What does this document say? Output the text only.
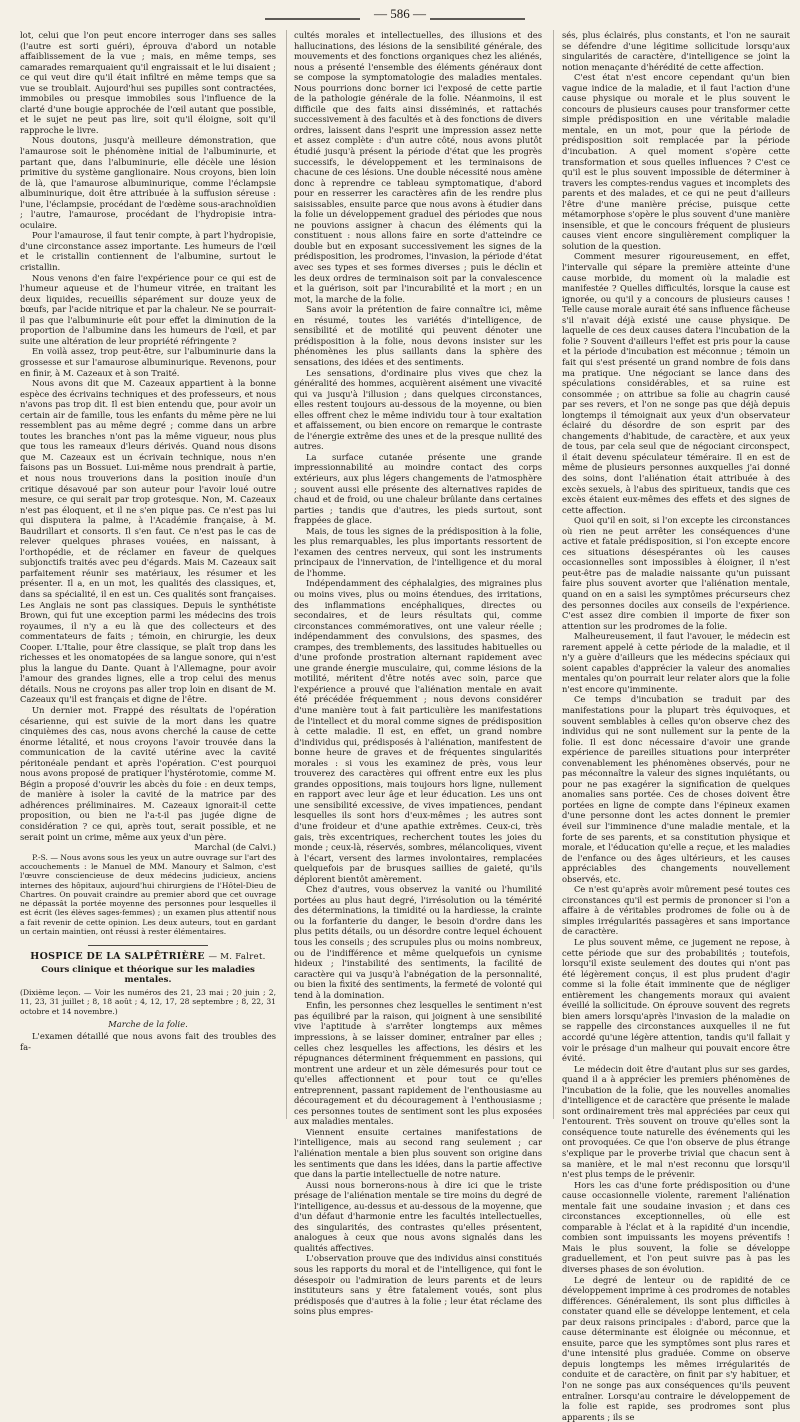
— 586 —

lot, celui que l'on peut encore interroger dans ses salles (l'autre est sorti guéri), éprouva d'abord un notable affaiblissement de la vue ; mais, en même temps, ses camarades remarquaient qu'il engraissait et le lui disaient ; ce qui veut dire qu'il était infiltré en même temps que sa vue se troublait. Aujourd'hui ses pupilles sont contractées, immobiles ou presque immobiles sous l'influence de la clarté d'une bougie approchée de l'œil autant que possible, et le sujet ne peut pas lire, soit qu'il éloigne, soit qu'il rapproche le livre.

Nous doutons, jusqu'à meilleure démonstration, que l'amaurose soit le phénomène initial de l'albuminurie, et partant que, dans l'albuminurie, elle décèle une lésion primitive du système ganglionaire. Nous croyons, bien loin de là, que l'amaurose albuminurique, comme l'éclampsie albuminurique, doit être attribuée à la suffusion séreuse : l'une, l'éclampsie, procédant de l'œdème sous-arachnoïdien ; l'autre, l'amaurose, procédant de l'hydropisie intra-oculaire.

Pour l'amaurose, il faut tenir compte, à part l'hydropisie, d'une circonstance assez importante. Les humeurs de l'œil et le cristallin contiennent de l'albumine, surtout le cristallin.

Nous venons d'en faire l'expérience pour ce qui est de l'humeur aqueuse et de l'humeur vitrée, en traitant les deux liquides, recueillis séparément sur douze yeux de bœufs, par l'acide nitrique et par la chaleur. Ne se pourrait-il pas que l'albuminurie eût pour effet la diminution de la proportion de l'albumine dans les humeurs de l'œil, et par suite une altération de leur propriété réfringente ?

En voilà assez, trop peut-être, sur l'albuminurie dans la grossesse et sur l'amaurose albuminurique. Revenons, pour en finir, à M. Cazeaux et à son Traité.

Nous avons dit que M. Cazeaux appartient à la bonne espèce des écrivains techniques et des professeurs, et nous n'avons pas trop dit. Il est bien entendu que, pour avoir un certain air de famille, tous les enfants du même père ne lui ressemblent pas au même degré ; comme dans un arbre toutes les branches n'ont pas la même vigueur, nous plus que tous les rameaux d'leurs dérivés. Quand nous disons que M. Cazeaux est un écrivain technique, nous n'en faisons pas un Bossuet. Lui-même nous prendrait à partie, et nous nous trouverions dans la position inouïe d'un critique désavoué par son auteur pour l'avoir loué outre mesure, ce qui serait par trop grotesque. Non, M. Cazeaux n'est pas éloquent, et il ne s'en pique pas. Ce n'est pas lui qui disputera la palme, à l'Académie française, à M. Baudrillart et consorts. Il s'en faut. Ce n'est pas le cas de relever quelques phrases vouées, en naissant, à l'orthopédie, et de réclamer en faveur de quelques subjonctifs traités avec peu d'égards. Mais M. Cazeaux sait parfaitement réunir ses matériaux, les résumer et les présenter. Il a, en un mot, les qualités des classiques, et, dans sa spécialité, il en est un. Ces qualités sont françaises. Les Anglais ne sont pas classiques. Depuis le synthétiste Brown, qui fut une exception parmi les médecins des trois royaumes, il n'y a eu là que des collecteurs et des commentateurs de faits ; témoin, en chirurgie, les deux Cooper. L'Italie, pour être classique, se plaît trop dans les richesses et les onomatopées de sa langue sonore, qui n'est plus la langue du Dante. Quant à l'Allemagne, pour avoir l'amour des grandes lignes, elle a trop celui des menus détails. Nous ne croyons pas aller trop loin en disant de M. Cazeaux qu'il est français et digne de l'être.

Un dernier mot. Frappé des résultats de l'opération césarienne, qui est suivie de la mort dans les quatre cinquièmes des cas, nous avons cherché la cause de cette énorme létalité, et nous croyons l'avoir trouvée dans la communication de la cavité utérine avec la cavité péritonéale pendant et après l'opération. C'est pourquoi nous avons proposé de pratiquer l'hystérotomie, comme M. Bégin a proposé d'ouvrir les abcès du foie : en deux temps, de manière à isoler la cavité de la matrice par des adhérences préliminaires. M. Cazeaux ignorait-il cette proposition, ou bien ne l'a-t-il pas jugée digne de considération ? ce qui, après tout, serait possible, et ne serait point un crime, même aux yeux d'un père.

Marchal (de Calvi.)

P.-S. — Nous avons sous les yeux un autre ouvrage sur l'art des accouchements : le Manuel de MM. Manoury et Salmon, c'est l'œuvre consciencieuse de deux médecins judicieux, anciens internes des hôpitaux, aujourd'hui chirurgiens de l'Hôtel-Dieu de Chartres. On pouvait craindre au premier abord que cet ouvrage ne dépassât la portée moyenne des personnes pour lesquelles il est écrit (les élèves sages-femmes) ; un examen plus attentif nous a fait revenir de cette opinion. Les deux auteurs, tout en gardant un certain maintien, ont réussi à rester élémentaires.

HOSPICE DE LA SALPÊTRIÈRE — M. Falret.
Cours clinique et théorique sur les maladies mentales.

(Dixième leçon. — Voir les numéros des 21, 23 mai ; 20 juin ; 2, 11, 23, 31 juillet ; 8, 18 août ; 4, 12, 17, 28 septembre ; 8, 22, 31 octobre et 14 novembre.)

Marche de la folie.

L'examen détaillé que nous avons fait des troubles des fa-

cultés morales et intellectuelles, des illusions et des hallucinations, des lésions de la sensibilité générale, des mouvements et des fonctions organiques chez les aliénés, nous a présenté l'ensemble des éléments généraux dont se compose la symptomatologie des maladies mentales. Nous pourrions donc borner ici l'exposé de cette partie de la pathologie générale de la folie. Néanmoins, il est difficile que des faits ainsi disséminés, et rattachés successivement à des facultés et à des fonctions de divers ordres, laissent dans l'esprit une impression assez nette et assez complète : d'un autre côté, nous avons plutôt étudié jusqu'à présent la période d'état que les progrès successifs, le développement et les terminaisons de chacune de ces lésions. Une double nécessité nous amène donc à reprendre ce tableau symptomatique, d'abord pour en resserrer les caractères afin de les rendre plus saisissables, ensuite parce que nous avons à étudier dans la folie un développement graduel des périodes que nous ne pouvions assigner à chacun des éléments qui la constituent : nous allons faire en sorte d'atteindre ce double but en exposant successivement les signes de la prédisposition, les prodromes, l'invasion, la période d'état avec ses types et ses formes diverses ; puis le déclin et les deux ordres de terminaison soit par la convalescence et la guérison, soit par l'incurabilité et la mort ; en un mot, la marche de la folie.

Sans avoir la prétention de faire connaître ici, même en résumé, toutes les variétés d'intelligence, de sensibilité et de motilité qui peuvent dénoter une prédisposition à la folie, nous devons insister sur les phénomènes les plus saillants dans la sphère des sensations, des idées et des sentiments.

Les sensations, d'ordinaire plus vives que chez la généralité des hommes, acquièrent aisément une vivacité qui va jusqu'à l'illusion ; dans quelques circonstances, elles restent toujours au-dessous de la moyenne, ou bien elles offrent chez le même individu tour à tour exaltation et affaissement, ou bien encore on remarque le contraste de l'énergie extrême des unes et de la presque nullité des autres.

La surface cutanée présente une grande impressionnabilité au moindre contact des corps extérieurs, aux plus légers changements de l'atmosphère ; souvent aussi elle présente des alternatives rapides de chaud et de froid, ou une chaleur brûlante dans certaines parties ; tandis que d'autres, les pieds surtout, sont frappées de glace.

Mais, de tous les signes de la prédisposition à la folie, les plus remarquables, les plus importants ressortent de l'examen des centres nerveux, qui sont les instruments principaux de l'innervation, de l'intelligence et du moral de l'homme.

Indépendamment des céphalalgies, des migraines plus ou moins vives, plus ou moins étendues, des irritations, des inflammations encéphaliques, directes ou secondaires, et de leurs résultats qui, comme circonstances commémoratives, ont une valeur réelle ; indépendamment des convulsions, des spasmes, des crampes, des tremblements, des lassitudes habituelles ou d'une profonde prostration alternant rapidement avec une grande énergie musculaire, qui, comme lésions de la motilité, méritent d'être notés avec soin, parce que l'expérience a prouvé que l'aliénation mentale en avait été précédée fréquemment ; nous devons considérer d'une manière tout à fait particulière les manifestations de l'intellect et du moral comme signes de prédisposition à cette maladie. Il est, en effet, un grand nombre d'individus qui, prédisposés à l'aliénation, manifestent de bonne heure de graves et de fréquentes singularités morales : si vous les examinez de près, vous leur trouverez des caractères qui offrent entre eux les plus grandes oppositions, mais toujours hors ligne, nullement en rapport avec leur âge et leur éducation. Les uns ont une sensibilité excessive, de vives impatiences, pendant lesquelles ils sont hors d'eux-mêmes ; les autres sont d'une froideur et d'une apathie extrêmes. Ceux-ci, très gais, très excentriques, recherchent toutes les joies du monde ; ceux-là, réservés, sombres, mélancoliques, vivent à l'écart, versent des larmes involontaires, remplacées quelquefois par de brusques saillies de gaieté, qu'ils déplorent bientôt amèrement.

Chez d'autres, vous observez la vanité ou l'humilité portées au plus haut degré, l'irrésolution ou la témérité des déterminations, la timidité ou la hardiesse, la crainte ou la forfanterie du danger, le besoin d'ordre dans les plus petits détails, ou un désordre contre lequel échouent tous les conseils ; des scrupules plus ou moins nombreux, ou de l'indifférence et même quelquefois un cynisme hideux ; l'instabilité des sentiments, la facilité de caractère qui va jusqu'à l'abnégation de la personnalité, ou bien la fixité des sentiments, la fermeté de volonté qui tend à la domination.

Enfin, les personnes chez lesquelles le sentiment n'est pas équilibré par la raison, qui joignent à une sensibilité vive l'aptitude à s'arrêter longtemps aux mêmes impressions, à se laisser dominer, entraîner par elles ; celles chez lesquelles les affections, les désirs et les répugnances déterminent fréquemment en passions, qui montrent une ardeur et un zèle démesurés pour tout ce qu'elles affectionnent et pour tout ce qu'elles entreprennent, passant rapidement de l'enthousiasme au découragement et du découragement à l'enthousiasme ; ces personnes toutes de sentiment sont les plus exposées aux maladies mentales.

Viennent ensuite certaines manifestations de l'intelligence, mais au second rang seulement ; car l'aliénation mentale a bien plus souvent son origine dans les sentiments que dans les idées, dans la partie affective que dans la partie intellectuelle de notre nature.

Aussi nous bornerons-nous à dire ici que le triste présage de l'aliénation mentale se tire moins du degré de l'intelligence, au-dessus et au-dessous de la moyenne, que d'un défaut d'harmonie entre les facultés intellectuelles, des singularités, des contrastes qu'elles présentent, analogues à ceux que nous avons signalés dans les qualités affectives.

L'observation prouve que des individus ainsi constitués sous les rapports du moral et de l'intelligence, qui font le désespoir ou l'admiration de leurs parents et de leurs instituteurs sans y être fatalement voués, sont plus prédisposés que d'autres à la folie ; leur état réclame des soins plus empres-

sés, plus éclairés, plus constants, et l'on ne saurait se défendre d'une légitime sollicitude lorsqu'aux singularités de caractère, d'intelligence se joint la notion menaçante d'hérédité de cette affection.

C'est état n'est encore cependant qu'un bien vague indice de la maladie, et il faut l'action d'une cause physique ou morale et le plus souvent le concours de plusieurs causes pour transformer cette simple prédisposition en une véritable maladie mentale, en un mot, pour que la période de prédisposition soit remplacée par la période d'incubation. A quel moment s'opère cette transformation et sous quelles influences ? C'est ce qu'il est le plus souvent impossible de déterminer à travers les comptes-rendus vagues et incomplets des parents et des malades, et ce qui ne peut d'ailleurs l'être d'une manière précise, puisque cette métamorphose s'opère le plus souvent d'une manière insensible, et que le concours fréquent de plusieurs causes vient encore singulièrement compliquer la solution de la question.

Comment mesurer rigoureusement, en effet, l'intervalle qui sépare la première atteinte d'une cause morbide, du moment où la maladie est manifestée ? Quelles difficultés, lorsque la cause est ignorée, ou qu'il y a concours de plusieurs causes ! Telle cause morale aurait été sans influence fâcheuse s'il n'avait déjà existé une cause physique. De laquelle de ces deux causes datera l'incubation de la folie ? Souvent d'ailleurs l'effet est pris pour la cause et la période d'incubation est méconnue ; témoin un fait qui s'est présenté un grand nombre de fois dans ma pratique. Une négociant se lance dans des spéculations considérables, et sa ruine est consommée ; on attribue sa folie au chagrin causé par ses revers, et l'on ne songe pas que déjà depuis longtemps il témoignait aux yeux d'un observateur éclairé du désordre de son esprit par des changements d'habitude, de caractère, et aux yeux de tous, par cela seul que de négociant circonspect, il était devenu spéculateur téméraire. Il en est de même de plusieurs personnes auxquelles j'ai donné des soins, dont l'aliénation était attribuée à des excès sexuels, à l'abus des spiritueux, tandis que ces excès étaient eux-mêmes des effets et des signes de cette affection.

Quoi qu'il en soit, si l'on excepte les circonstances où rien ne peut arrêter les conséquences d'une active et fatale prédisposition, si l'on excepte encore ces situations désespérantes où les causes occasionnelles sont impossibles à éloigner, il n'est peut-être pas de maladie naissante qu'un puissant faire plus souvent avorter que l'aliénation mentale, quand on en a saisi les symptômes précurseurs chez des personnes dociles aux conseils de l'expérience. C'est assez dire combien il importe de fixer son attention sur les prodromes de la folie.

Malheureusement, il faut l'avouer, le médecin est rarement appelé à cette période de la maladie, et il n'y a guère d'ailleurs que les médecins spéciaux qui soient capables d'apprécier la valeur des anomalies mentales qu'on pourrait leur relater alors que la folie n'est encore qu'imminente.

Ce temps d'incubation se traduit par des manifestations pour la plupart très équivoques, et souvent semblables à celles qu'on observe chez des individus qui ne sont nullement sur la pente de la folie. Il est donc nécessaire d'avoir une grande expérience de pareilles situations pour interpréter convenablement les phénomènes observés, pour ne pas méconnaître la valeur des signes inquiétants, ou pour ne pas exagérer la signification de quelques anomalies sans portée. Ces de choses doivent être portées en ligne de compte dans l'épineux examen d'une personne dont les actes donnent le premier éveil sur l'imminence d'une maladie mentale, et la forte de ses parents, et sa constitution physique et morale, et l'éducation qu'elle a reçue, et les maladies de l'enfance ou des âges ultérieurs, et les causes appréciables des changements nouvellement observés, etc.

Ce n'est qu'après avoir mûrement pesé toutes ces circonstances qu'il est permis de prononcer si l'on a affaire à de véritables prodromes de folie ou à de simples irrégularités passagères et sans importance de caractère.

Le plus souvent même, ce jugement ne repose, à cette période que sur des probabilités ; toutefois, lorsqu'il existe seulement des doutes qui n'ont pas été légèrement conçus, il est plus prudent d'agir comme si la folie était imminente que de négliger entièrement les changements moraux qui avaient éveillé la sollicitude. On éprouve souvent des regrets bien amers lorsqu'après l'invasion de la maladie on se rappelle des circonstances auxquelles il ne fut accordé qu'une légère attention, tandis qu'il fallait y voir le présage d'un malheur qui pouvait encore être évité.

Le médecin doit être d'autant plus sur ses gardes, quand il a à apprécier les premiers phénomènes de l'incubation de la folie, que les nouvelles anomalies d'intelligence et de caractère que présente le malade sont ordinairement très mal appréciées par ceux qui l'entourent. Très souvent on trouve qu'elles sont la conséquence toute naturelle des événements qui les ont provoquées. Ce que l'on observe de plus étrange s'explique par le proverbe trivial que chacun sent à sa manière, et le mal n'est reconnu que lorsqu'il n'est plus temps de le prévenir.

Hors les cas d'une forte prédisposition ou d'une cause occasionnelle violente, rarement l'aliénation mentale fait une soudaine invasion ; et dans ces circonstances exceptionnelles, où elle est comparable à l'éclat et à la rapidité d'un incendie, combien sont impuissants les moyens préventifs ! Mais le plus souvent, la folie se développe graduellement, et l'on peut suivre pas à pas les diverses phases de son évolution.

Le degré de lenteur ou de rapidité de ce développement imprime à ces prodromes de notables différences. Généralement, ils sont plus difficiles à constater quand elle se développe lentement, et cela par deux raisons principales : d'abord, parce que la cause déterminante est éloignée ou méconnue, et ensuite, parce que les symptômes sont plus rares et d'une intensité plus graduée. Comme on observe depuis longtemps les mêmes irrégularités de conduite et de caractère, on finit par s'y habituer, et l'on ne songe pas aux conséquences qu'ils peuvent entraîner. Lorsqu'au contraire le développement de la folie est rapide, ses prodromes sont plus apparents ; ils se
